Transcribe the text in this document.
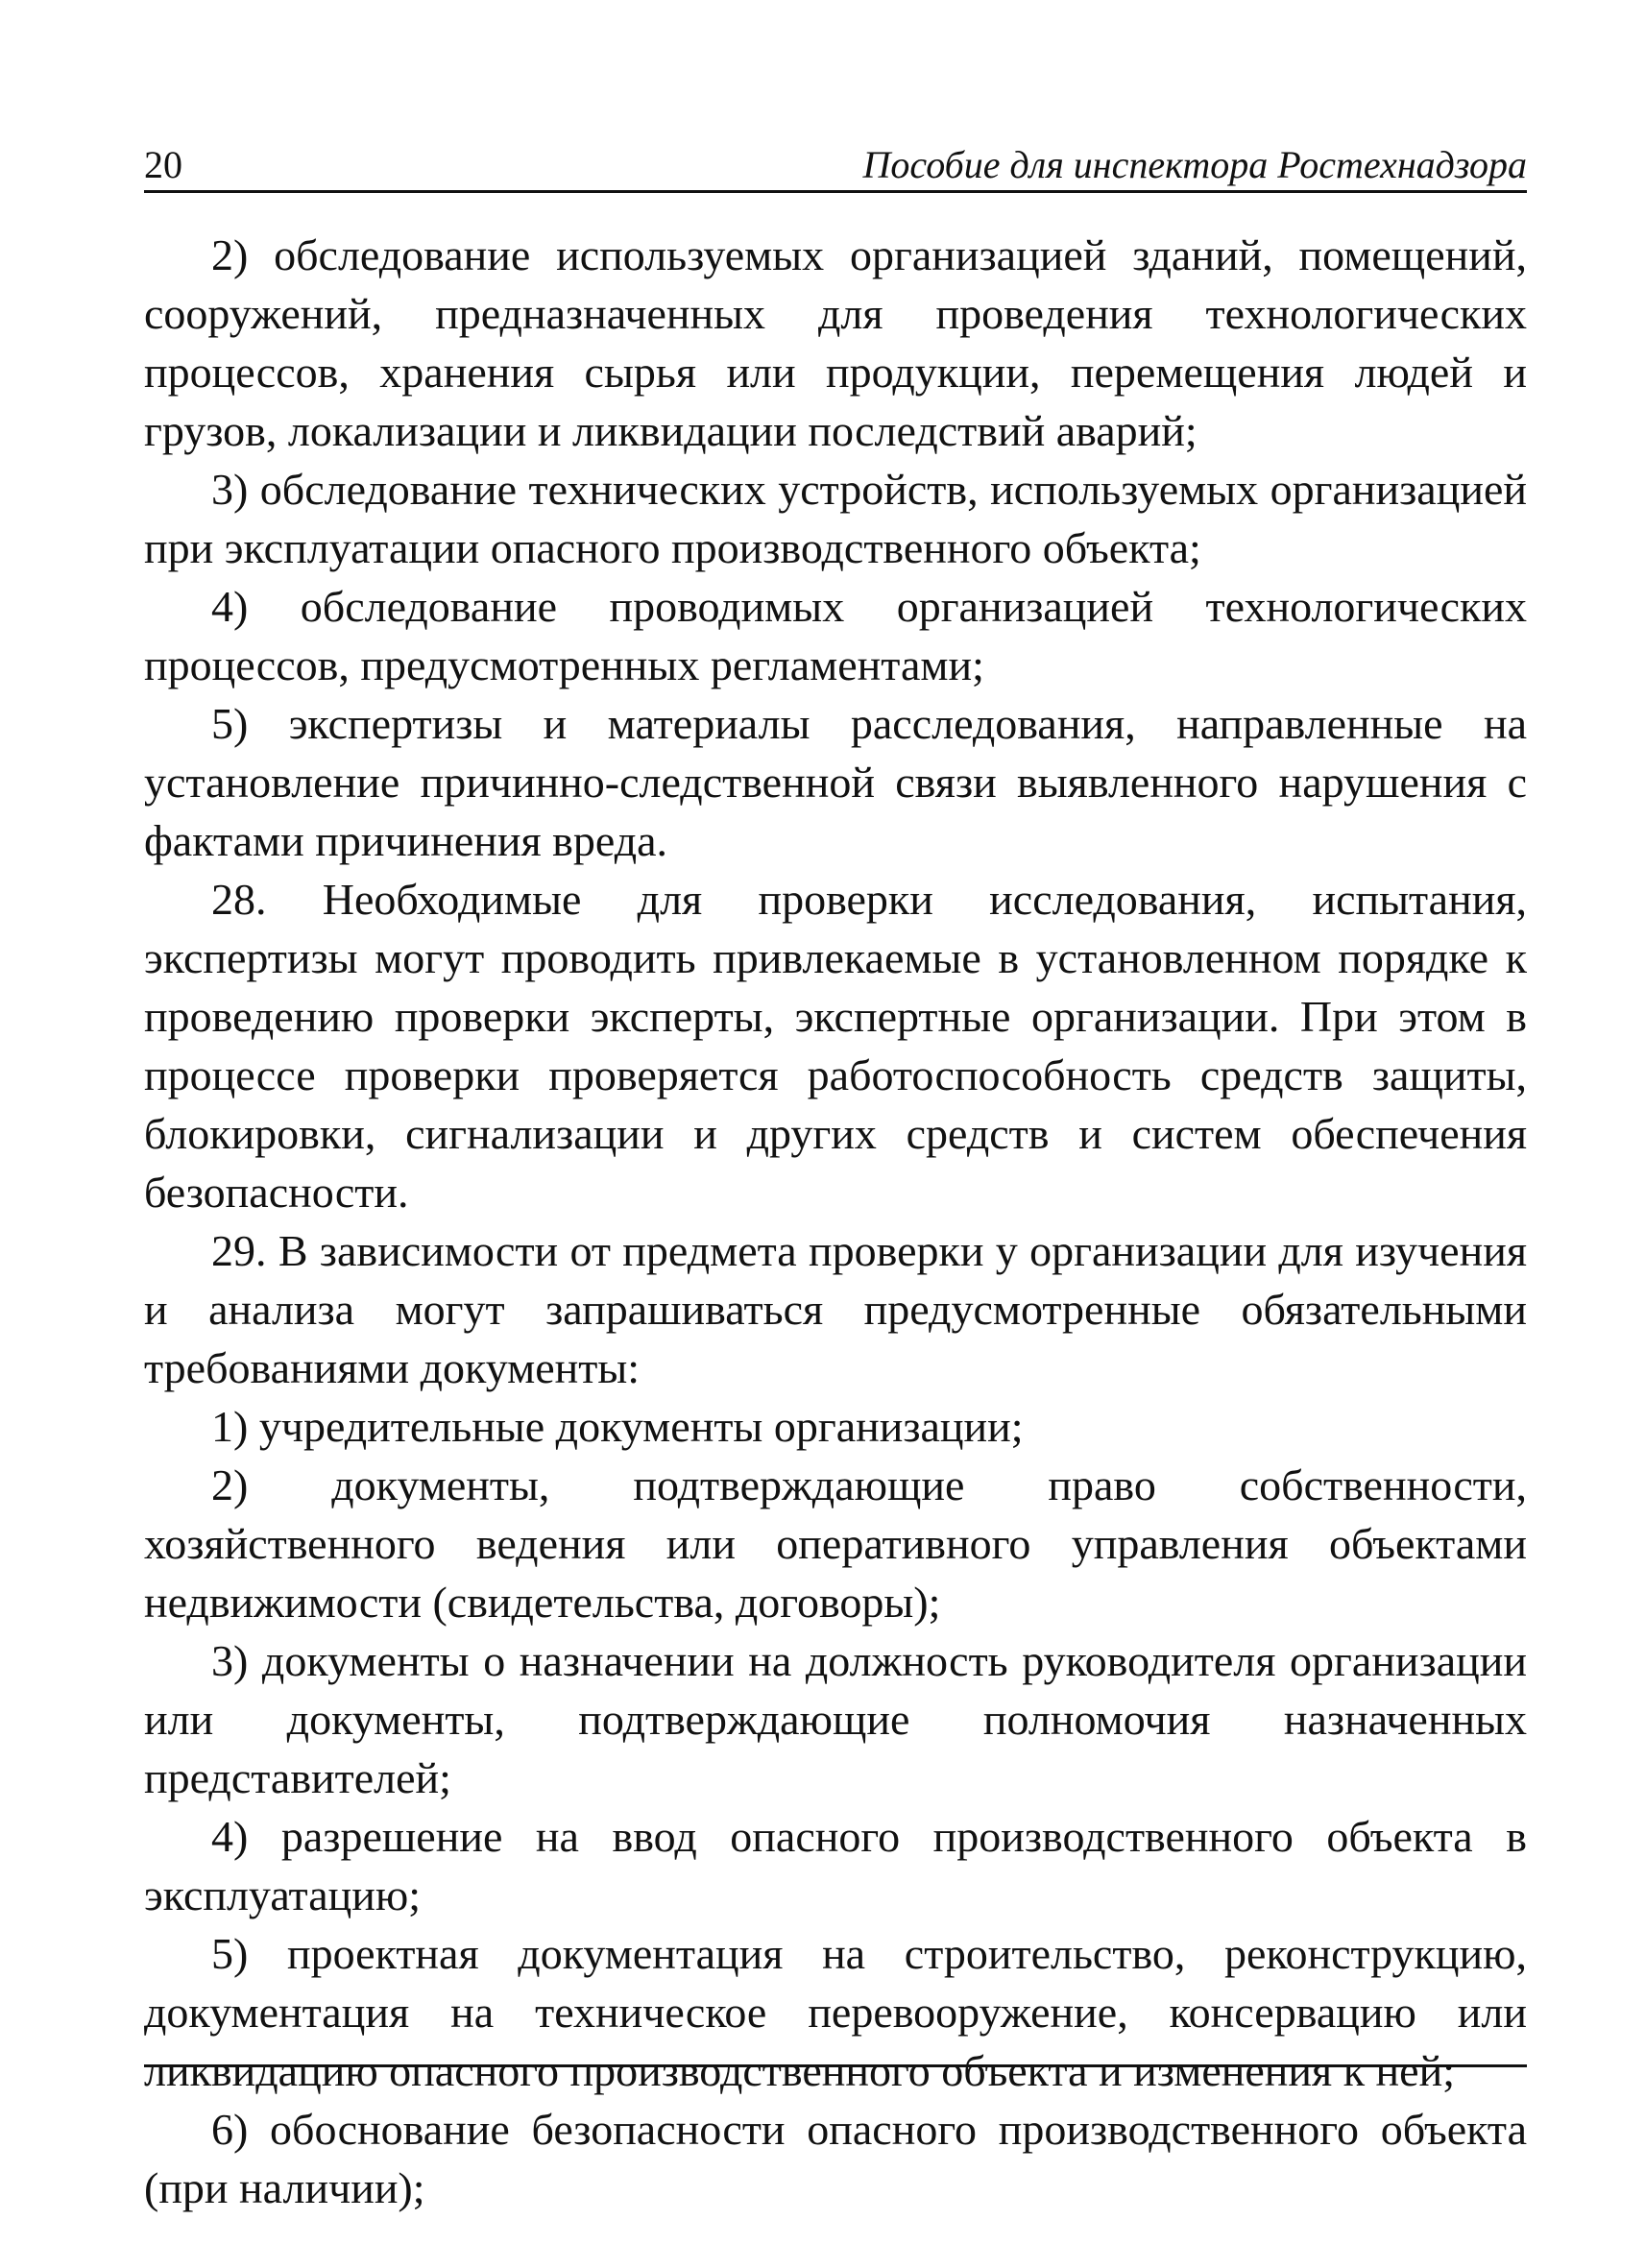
20	Пособие для инспектора Ростехнадзора

2) обследование используемых организацией зданий, помещений, сооружений, предназначенных для проведения технологических процессов, хранения сырья или продукции, перемещения людей и грузов, локализации и ликвидации последствий аварий;

3) обследование технических устройств, используемых организацией при эксплуатации опасного производственного объекта;

4) обследование проводимых организацией технологических процессов, предусмотренных регламентами;

5) экспертизы и материалы расследования, направленные на установление причинно-следственной связи выявленного нарушения с фактами причинения вреда.

28. Необходимые для проверки исследования, испытания, экспертизы могут проводить привлекаемые в установленном порядке к проведению проверки эксперты, экспертные организации. При этом в процессе проверки проверяется работоспособность средств защиты, блокировки, сигнализации и других средств и систем обеспечения безопасности.

29. В зависимости от предмета проверки у организации для изучения и анализа могут запрашиваться предусмотренные обязательными требованиями документы:

1) учредительные документы организации;

2) документы, подтверждающие право собственности, хозяйственного ведения или оперативного управления объектами недвижимости (свидетельства, договоры);

3) документы о назначении на должность руководителя организации или документы, подтверждающие полномочия назначенных представителей;

4) разрешение на ввод опасного производственного объекта в эксплуатацию;

5) проектная документация на строительство, реконструкцию, документация на техническое перевооружение, консервацию или ликвидацию опасного производственного объекта и изменения к ней;

6) обоснование безопасности опасного производственного объекта (при наличии);
